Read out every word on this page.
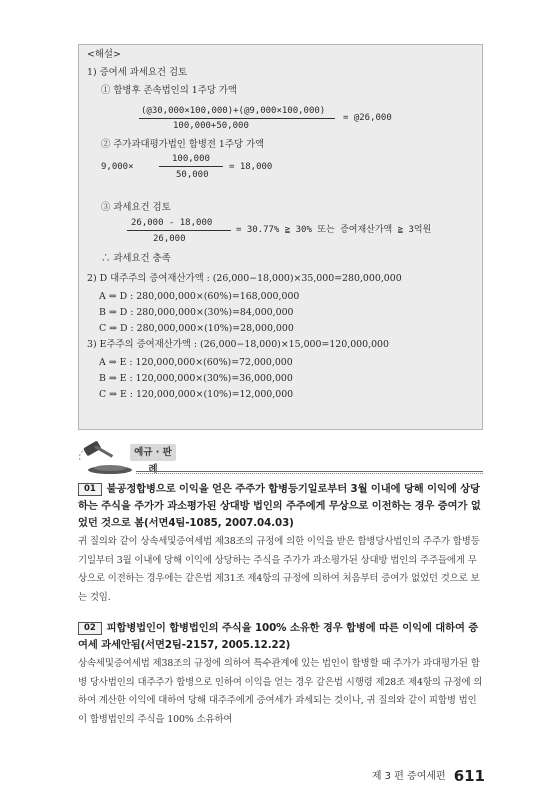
<해설>
1) 증여세 과세요건 검토
① 합병후 존속법인의 1주당 가액
(@30,000×100,000)+(@9,000×100,000)
100,000+50,000
= @26,000
② 주가과대평가법인 합병전 1주당 가액
9,000×
100,000
50,000
= 18,000
③ 과세요건 검토
26,000 - 18,000
26,000
= 30.77% ≧ 30% 또는 증여재산가액 ≧ 3억원
∴ 과세요건 충족
2) D 대주주의 증여재산가액 : (26,000−18,000)×35,000=280,000,000
A ⇒ D : 280,000,000×(60%)=168,000,000
B ⇒ D : 280,000,000×(30%)=84,000,000
C ⇒ D : 280,000,000×(10%)=28,000,000
3) E주주의 증여재산가액 : (26,000−18,000)×15,000=120,000,000
A ⇒ E : 120,000,000×(60%)=72,000,000
B ⇒ E : 120,000,000×(30%)=36,000,000
C ⇒ E : 120,000,000×(10%)=12,000,000
예규 · 판례
01 불공정합병으로 이익을 얻은 주주가 합병등기일로부터 3월 이내에 당해 이익에 상당하는 주식을 주가가 과소평가된 상대방 법인의 주주에게 무상으로 이전하는 경우 증여가 없었던 것으로 봄(서면4팀-1085, 2007.04.03)
귀 질의와 같이 상속세및증여세법 제38조의 규정에 의한 이익을 받은 합병당사법인의 주주가 합병등기일부터 3월 이내에 당해 이익에 상당하는 주식을 주가가 과소평가된 상대방 법인의 주주들에게 무상으로 이전하는 경우에는 같은법 제31조 제4항의 규정에 의하여 처음부터 증여가 없었던 것으로 보는 것임.
02 피합병법인이 합병법인의 주식을 100% 소유한 경우 합병에 따른 이익에 대하여 증여세 과세안됨(서면2팀-2157, 2005.12.22)
상속세및증여세법 제38조의 규정에 의하여 특수관계에 있는 법인이 합병할 때 주가가 과대평가된 합병 당사법인의 대주주가 합병으로 인하여 이익을 얻는 경우 같은법 시행령 제28조 제4항의 규정에 의하여 계산한 이익에 대하여 당해 대주주에게 증여세가 과세되는 것이나, 귀 질의와 같이 피합병 법인이 합병법인의 주식을 100% 소유하여
제 3 편 증여세편 611
